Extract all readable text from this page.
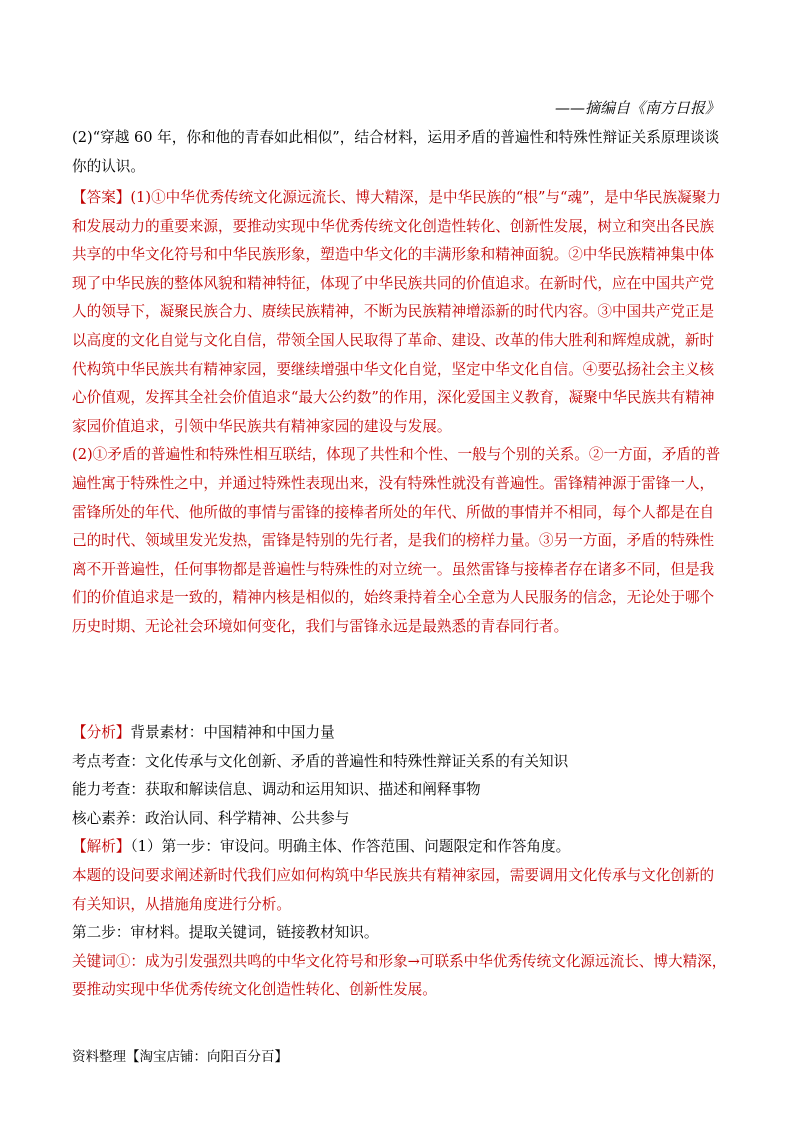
——摘编自《南方日报》
(2)“穿越 60 年，你和他的青春如此相似”，结合材料，运用矛盾的普遍性和特殊性辩证关系原理谈谈你的认识。

【答案】(1)①中华优秀传统文化源远流长、博大精深，是中华民族的“根”与“魂”，是中华民族凝聚力和发展动力的重要来源，要推动实现中华优秀传统文化创造性转化、创新性发展，树立和突出各民族共享的中华文化符号和中华民族形象，塑造中华文化的丰满形象和精神面貌。②中华民族精神集中体现了中华民族的整体风貌和精神特征，体现了中华民族共同的价值追求。在新时代，应在中国共产党人的领导下，凝聚民族合力、赓续民族精神，不断为民族精神增添新的时代内容。③中国共产党正是以高度的文化自觉与文化自信，带领全国人民取得了革命、建设、改革的伟大胜利和辉煌成就，新时代构筑中华民族共有精神家园，要继续增强中华文化自觉，坚定中华文化自信。④要弘扬社会主义核心价值观，发挥其全社会价值追求“最大公约数”的作用，深化爱国主义教育，凝聚中华民族共有精神家园价值追求，引领中华民族共有精神家园的建设与发展。

(2)①矛盾的普遍性和特殊性相互联结，体现了共性和个性、一般与个别的关系。②一方面，矛盾的普遍性寓于特殊性之中，并通过特殊性表现出来，没有特殊性就没有普遍性。雷锋精神源于雷锋一人，雷锋所处的年代、他所做的事情与雷锋的接棒者所处的年代、所做的事情并不相同，每个人都是在自己的时代、领域里发光发热，雷锋是特别的先行者，是我们的榜样力量。③另一方面，矛盾的特殊性离不开普遍性，任何事物都是普遍性与特殊性的对立统一。虽然雷锋与接棒者存在诸多不同，但是我们的价值追求是一致的，精神内核是相似的，始终秉持着全心全意为人民服务的信念，无论处于哪个历史时期、无论社会环境如何变化，我们与雷锋永远是最熟悉的青春同行者。

【分析】背景素材：中国精神和中国力量

考点考查：文化传承与文化创新、矛盾的普遍性和特殊性辩证关系的有关知识

能力考查：获取和解读信息、调动和运用知识、描述和阐释事物

核心素养：政治认同、科学精神、公共参与

【解析】（1）第一步：审设问。明确主体、作答范围、问题限定和作答角度。

本题的设问要求阐述新时代我们应如何构筑中华民族共有精神家园，需要调用文化传承与文化创新的有关知识，从措施角度进行分析。

第二步：审材料。提取关键词，链接教材知识。

关键词①：成为引发强烈共鸣的中华文化符号和形象→可联系中华优秀传统文化源远流长、博大精深，要推动实现中华优秀传统文化创造性转化、创新性发展。

资料整理【淘宝店铺：向阳百分百】
